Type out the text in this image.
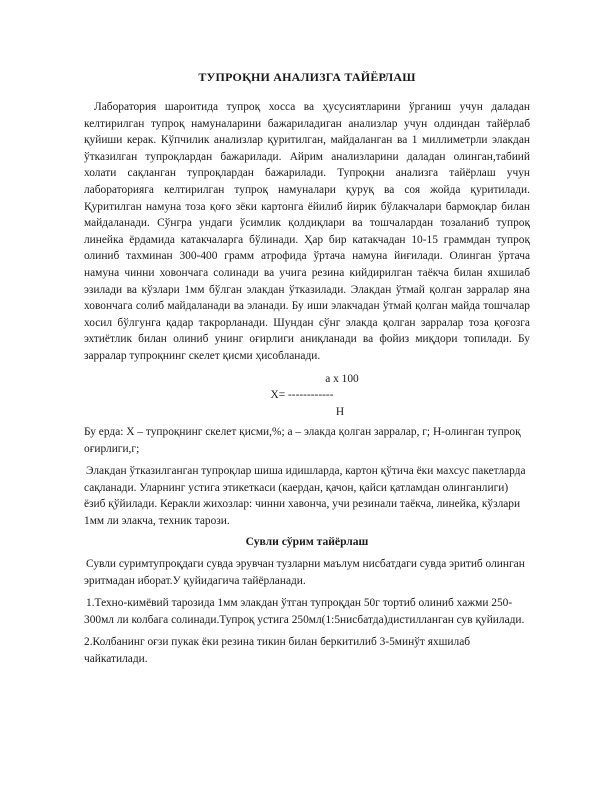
ТУПРОҚНИ АНАЛИЗГА ТАЙЁРЛАШ

Лаборатория шароитида тупроқ хосса ва ҳусусиятларини ўрганиш учун даладан келтирилган тупроқ намуналарини бажариладиган анализлар учун олдиндан тайёрлаб қуйиши керак. Кўпчилик анализлар қуритилган, майдаланган ва 1 миллиметрли элакдан ўтказилган тупроқлардан бажарилади. Айрим анализларини даладан олинган,табиий холати сақланган тупроқлардан бажарилади. Тупроқни анализга тайёрлаш учун лабораторияга келтирилган тупроқ намуналари қуруқ ва соя жойда қуритилади. Қуритилган намуна тоза қоғо зёки картонга ёйилиб йирик бўлакчалари бармоқлар билан майдаланади. Сўнгра ундаги ўсимлик қолдиқлари ва тошчалардан тозаланиб тупроқ линейка ёрдамида катакчаларга бўлинади. Ҳар бир катакчадан 10-15 граммдан тупроқ олиниб тахминан 300-400 грамм атрофида ўртача намуна йиғилади. Олинган ўртача намуна чинни ховончага солинади ва учига резина кийдирилган таёкча билан яхшилаб эзилади ва кўзлари 1мм бўлган элакдан ўтказилади. Элакдан ўтмай қолган зарралар яна ховончага солиб майдаланади ва эланади. Бу иши элакчадан ўтмай қолган майда тошчалар хосил бўлгунга қадар такрорланади. Шундан сўнг элакда қолган зарралар тоза қоғозга эхтиётлик билан олиниб унинг оғирлиги аниқланади ва фойиз миқдори топилади. Бу зарралар тупроқнинг скелет қисми ҳисобланади.

a x 100
X= ------------
Н

Бу ерда: X – тупроқнинг скелет қисми,%; a – элакда қолган зарралар, г; Н-олинган тупроқ оғирлиги,г;

Элакдан ўтказилганган тупроқлар шиша идишларда, картон қўтича ёки махсус пакетларда сақланади. Уларнинг устига этикеткаси (каердан, қачон, қайси қатламдан олинганлиги) ёзиб қўйилади. Керакли жихозлар: чинни хавонча, учи резинали таёкча, линейка, кўзлари 1мм ли элакча, техник тарози.

Сувли сўрим тайёрлаш

Сувли суримтупроқдаги сувда эрувчан тузларни маълум нисбатдаги сувда эритиб олинган эритмадан иборат.У қуйидагича тайёрланади.

1.Техно-кимёвий тарозида 1мм элакдан ўтган тупроқдан 50г тортиб олиниб хажми 250-300мл ли колбага солинади.Тупроқ устига 250мл(1:5нисбатда)дистилланган сув қуйилади.

2.Колбанинг оғзи пукак ёки резина тикин билан беркитилиб 3-5минўт яхшилаб чайкатилади.
